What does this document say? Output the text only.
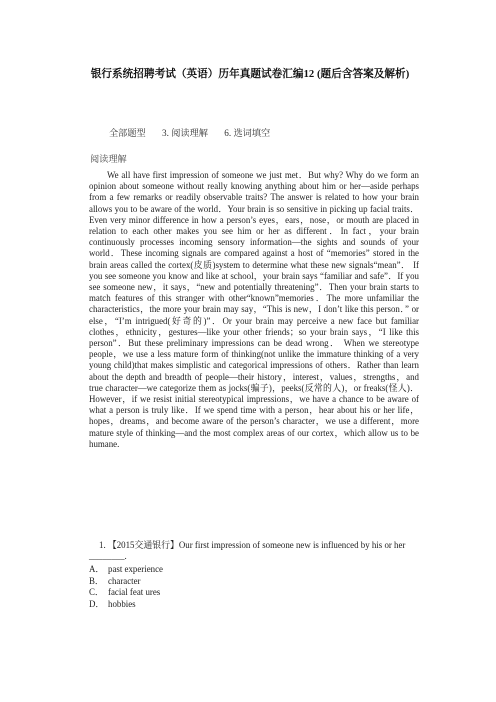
银行系统招聘考试（英语）历年真题试卷汇编12 (题后含答案及解析)
全部题型 3. 阅读理解 6. 选词填空
阅读理解
We all have first impression of someone we just met．But why? Why do we form an opinion about someone without really knowing anything about him or her—aside perhaps from a few remarks or readily observable traits? The answer is related to how your brain allows you to be aware of the world．Your brain is so sensitive in picking up facial traits． Even very minor difference in how a person’s eyes，ears，nose，or mouth are placed in relation to each other makes you see him or her as different．In fact，your brain continuously processes incoming sensory information—the sights and sounds of your world．These incoming signals are compared against a host of “memories” stored in the brain areas called the cortex(皮质)system to determine what these new signals“mean”． If you see someone you know and like at school，your brain says “familiar and safe”．If you see someone new，it says，“new and potentially threatening”．Then your brain starts to match features of this stranger with other“known”memories．The more unfamiliar the characteristics，the more your brain may say，“This is new，I don’t like this person．” or else，“I’m intrigued(好奇的)”．Or your brain may perceive a new face but familiar clothes，ethnicity，gestures—like your other friends；so your brain says，“I like this person”．But these preliminary impressions can be dead wrong． When we stereotype people，we use a less mature form of thinking(not unlike the immature thinking of a very young child)that makes simplistic and categorical impressions of others．Rather than learn about the depth and breadth of people—their history，interest，values，strengths，and true character—we categorize them as jocks(骗子)，peeks(反常的人)，or freaks(怪人)． However，if we resist initial stereotypical impressions，we have a chance to be aware of what a person is truly like．If we spend time with a person，hear about his or her life，hopes，dreams，and become aware of the person’s character，we use a different，more mature style of thinking—and the most complex areas of our cortex，which allow us to be humane.
1. 【2015交通银行】Our first impression of someone new is influenced by his or her ________.
A． past experience
B． character
C． facial feat ures
D． hobbies
